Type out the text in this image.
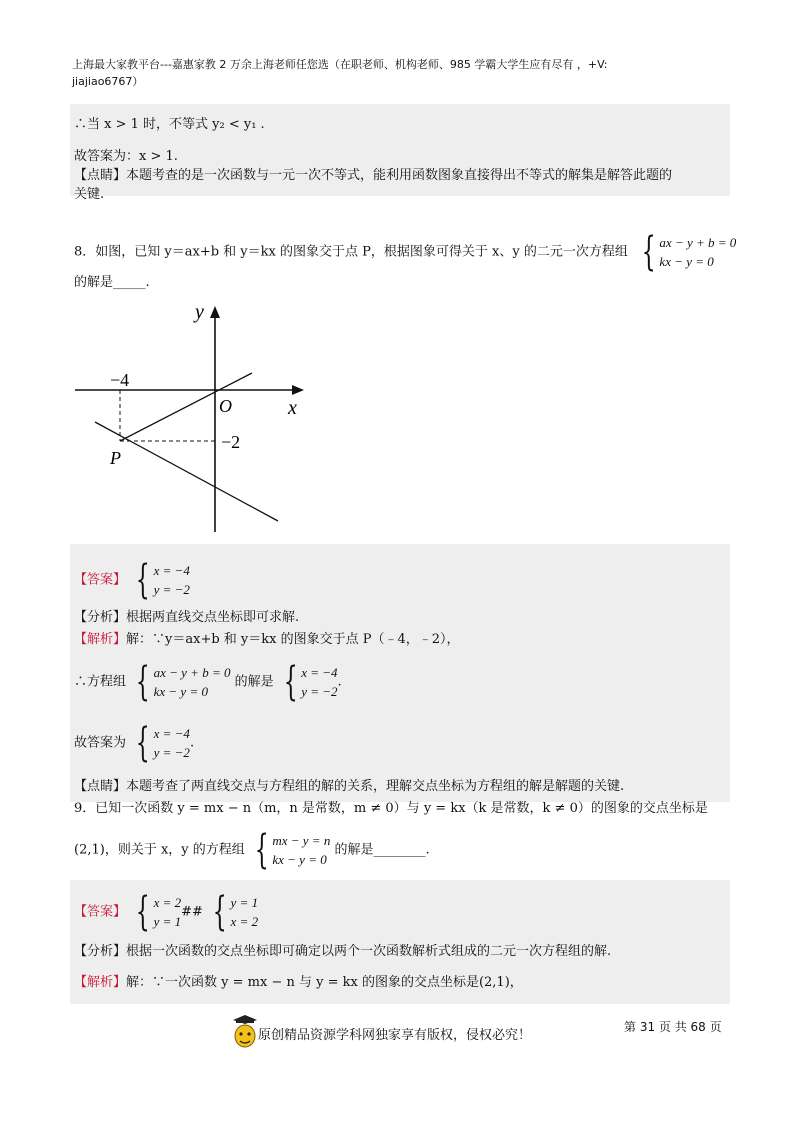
上海最大家教平台---嘉惠家教 2 万余上海老师任您选（在职老师、机构老师、985 学霸大学生应有尽有 ，+V:
jiajiao6767）
∴当 x > 1 时，不等式 y₂ < y₁ .
故答案为：x > 1.
【点睛】本题考查的是一次函数与一元一次不等式，能利用函数图象直接得出不等式的解集是解答此题的
关键.
8．如图，已知 y＝ax+b 和 y＝kx 的图象交于点 P，根据图象可得关于 x、y 的二元一次方程组 { ax − y + b = 0
kx − y = 0
的解是_____.
y
x
O
P
−4
−2
【答案】 { x = −4
y = −2
【分析】根据两直线交点坐标即可求解.
【解析】解：∵y＝ax+b 和 y＝kx 的图象交于点 P（﹣4，﹣2），
∴方程组 { ax − y + b = 0
kx − y = 0
的解是 { x = −4
y = −2
.
故答案为 { x = −4
y = −2
.
【点睛】本题考查了两直线交点与方程组的解的关系，理解交点坐标为方程组的解是解题的关键.
9．已知一次函数 y = mx − n（m，n 是常数，m ≠ 0）与 y = kx（k 是常数，k ≠ 0）的图象的交点坐标是
(2,1)，则关于 x，y 的方程组 { mx − y = n
kx − y = 0
的解是________.
【答案】 { x = 2
y = 1
## { y = 1
x = 2
【分析】根据一次函数的交点坐标即可确定以两个一次函数解析式组成的二元一次方程组的解.
【解析】解：∵一次函数 y = mx − n 与 y = kx 的图象的交点坐标是(2,1)，
原创精品资源学科网独家享有版权，侵权必究！
第 31 页 共 68 页
